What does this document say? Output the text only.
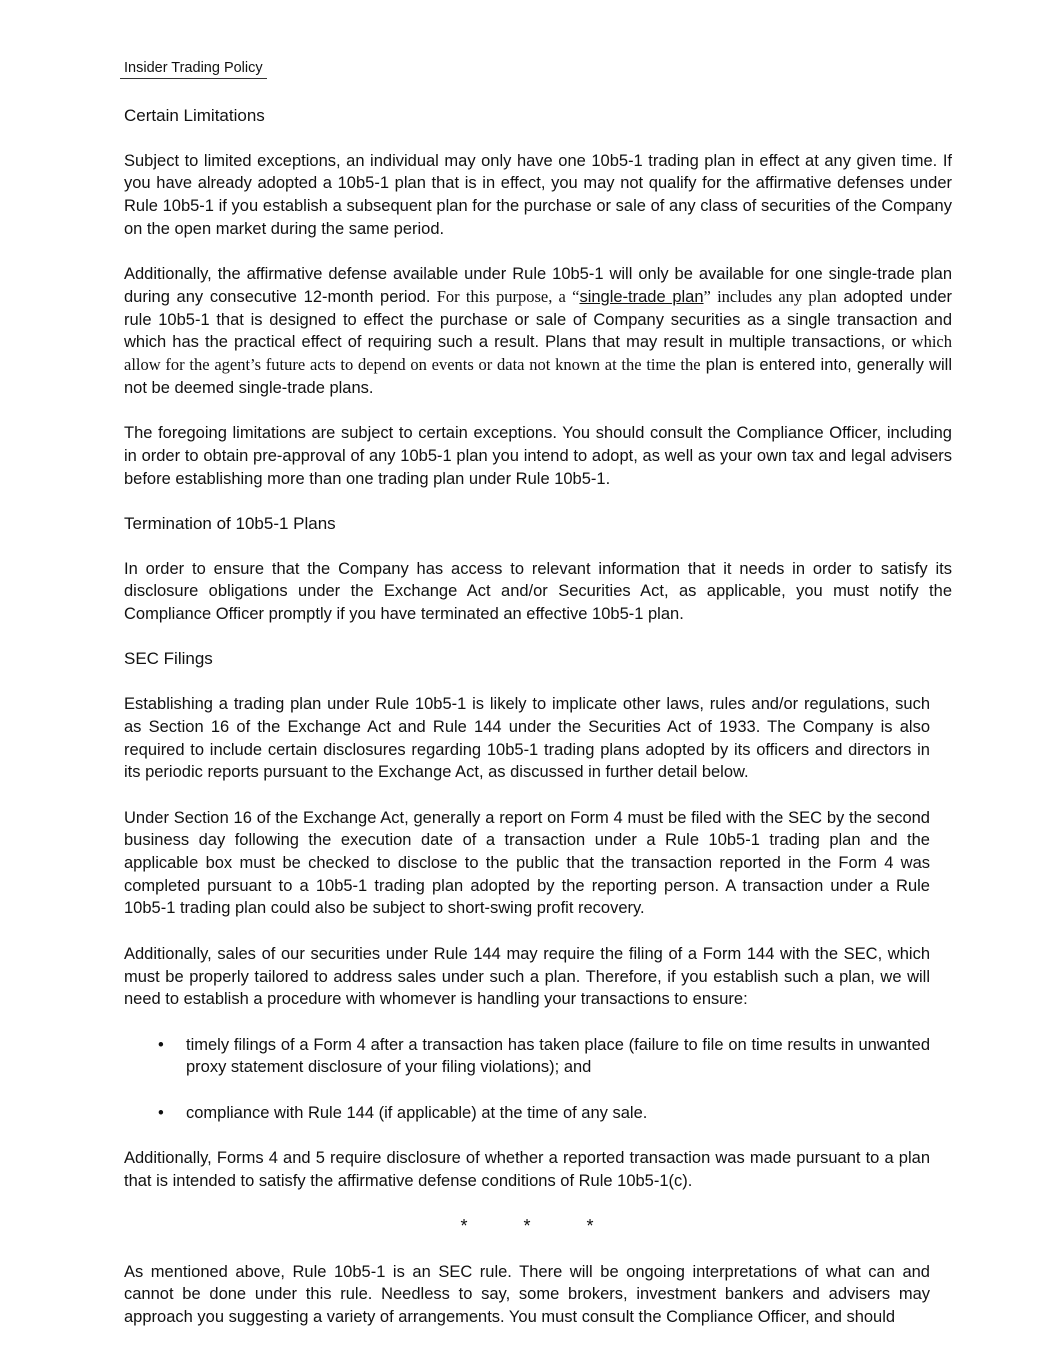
Insider Trading Policy
Certain Limitations

Subject to limited exceptions, an individual may only have one 10b5-1 trading plan in effect at any given time. If you have already adopted a 10b5-1 plan that is in effect, you may not qualify for the affirmative defenses under Rule 10b5-1 if you establish a subsequent plan for the purchase or sale of any class of securities of the Company on the open market during the same period.

Additionally, the affirmative defense available under Rule 10b5-1 will only be available for one single-trade plan during any consecutive 12-month period. For this purpose, a “single-trade plan” includes any plan adopted under rule 10b5-1 that is designed to effect the purchase or sale of Company securities as a single transaction and which has the practical effect of requiring such a result. Plans that may result in multiple transactions, or which allow for the agent’s future acts to depend on events or data not known at the time the plan is entered into, generally will not be deemed single-trade plans.

The foregoing limitations are subject to certain exceptions. You should consult the Compliance Officer, including in order to obtain pre-approval of any 10b5-1 plan you intend to adopt, as well as your own tax and legal advisers before establishing more than one trading plan under Rule 10b5-1.

Termination of 10b5-1 Plans

In order to ensure that the Company has access to relevant information that it needs in order to satisfy its disclosure obligations under the Exchange Act and/or Securities Act, as applicable, you must notify the Compliance Officer promptly if you have terminated an effective 10b5-1 plan.

SEC Filings

Establishing a trading plan under Rule 10b5-1 is likely to implicate other laws, rules and/or regulations, such as Section 16 of the Exchange Act and Rule 144 under the Securities Act of 1933. The Company is also required to include certain disclosures regarding 10b5-1 trading plans adopted by its officers and directors in its periodic reports pursuant to the Exchange Act, as discussed in further detail below.

Under Section 16 of the Exchange Act, generally a report on Form 4 must be filed with the SEC by the second business day following the execution date of a transaction under a Rule 10b5-1 trading plan and the applicable box must be checked to disclose to the public that the transaction reported in the Form 4 was completed pursuant to a 10b5-1 trading plan adopted by the reporting person. A transaction under a Rule 10b5-1 trading plan could also be subject to short-swing profit recovery.

Additionally, sales of our securities under Rule 144 may require the filing of a Form 144 with the SEC, which must be properly tailored to address sales under such a plan. Therefore, if you establish such a plan, we will need to establish a procedure with whomever is handling your transactions to ensure:

• timely filings of a Form 4 after a transaction has taken place (failure to file on time results in unwanted proxy statement disclosure of your filing violations); and
• compliance with Rule 144 (if applicable) at the time of any sale.

Additionally, Forms 4 and 5 require disclosure of whether a reported transaction was made pursuant to a plan that is intended to satisfy the affirmative defense conditions of Rule 10b5-1(c).

*	*	*

As mentioned above, Rule 10b5-1 is an SEC rule. There will be ongoing interpretations of what can and cannot be done under this rule. Needless to say, some brokers, investment bankers and advisers may approach you suggesting a variety of arrangements. You must consult the Compliance Officer, and should
